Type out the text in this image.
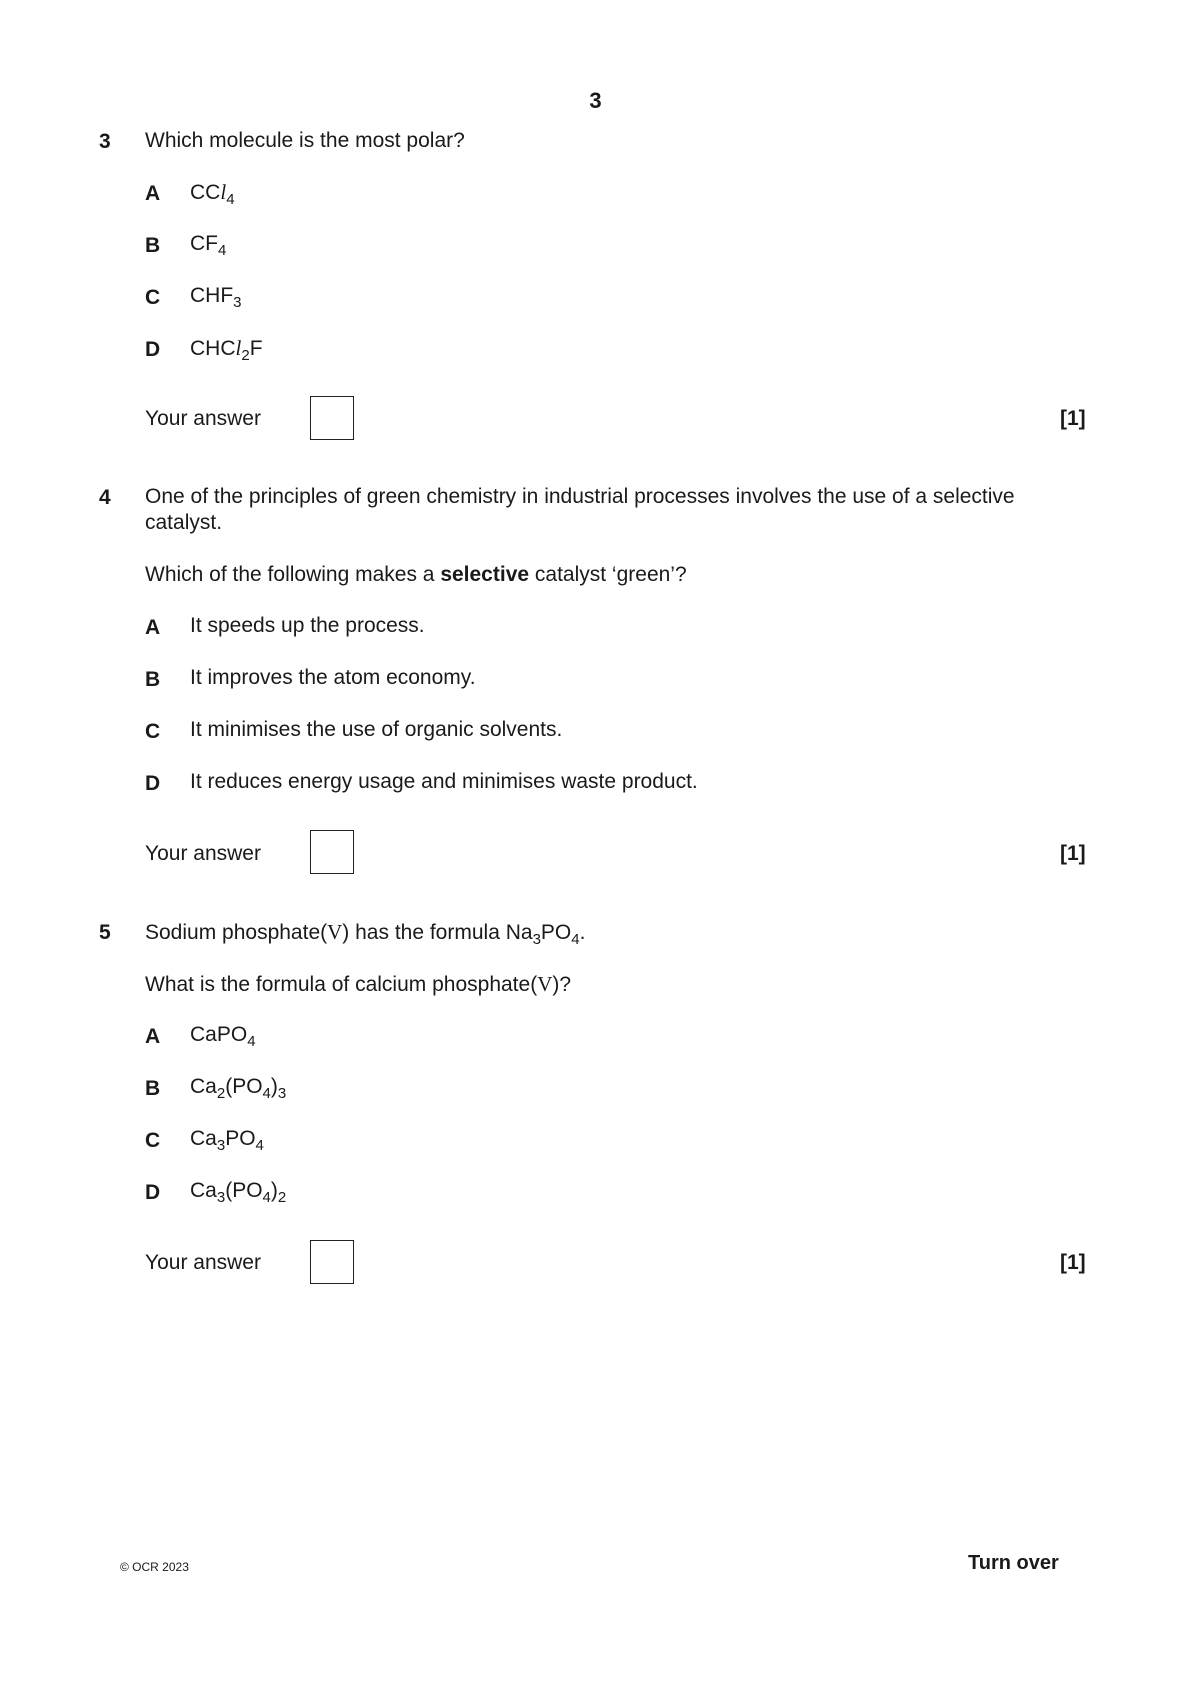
3
3 Which molecule is the most polar?
A CCl$_4$
B $CF_4$
C $CHF_3$
D CHCl$_2$F
Your answer	[1]
4 One of the principles of green chemistry in industrial processes involves the use of a selective catalyst.
Which of the following makes a selective catalyst ‘green’?
A It speeds up the process.
B It improves the atom economy.
C It minimises the use of organic solvents.
D It reduces energy usage and minimises waste product.
Your answer	[1]
5 Sodium phosphate(V) has the formula $Na_3PO_4$.
What is the formula of calcium phosphate(V)?
A CaPO$_4$
B $Ca_2(PO_4)_3$
C $Ca_3PO_4$
D $Ca_3(PO_4)_2$
Your answer	[1]
© OCR 2023	Turn over
